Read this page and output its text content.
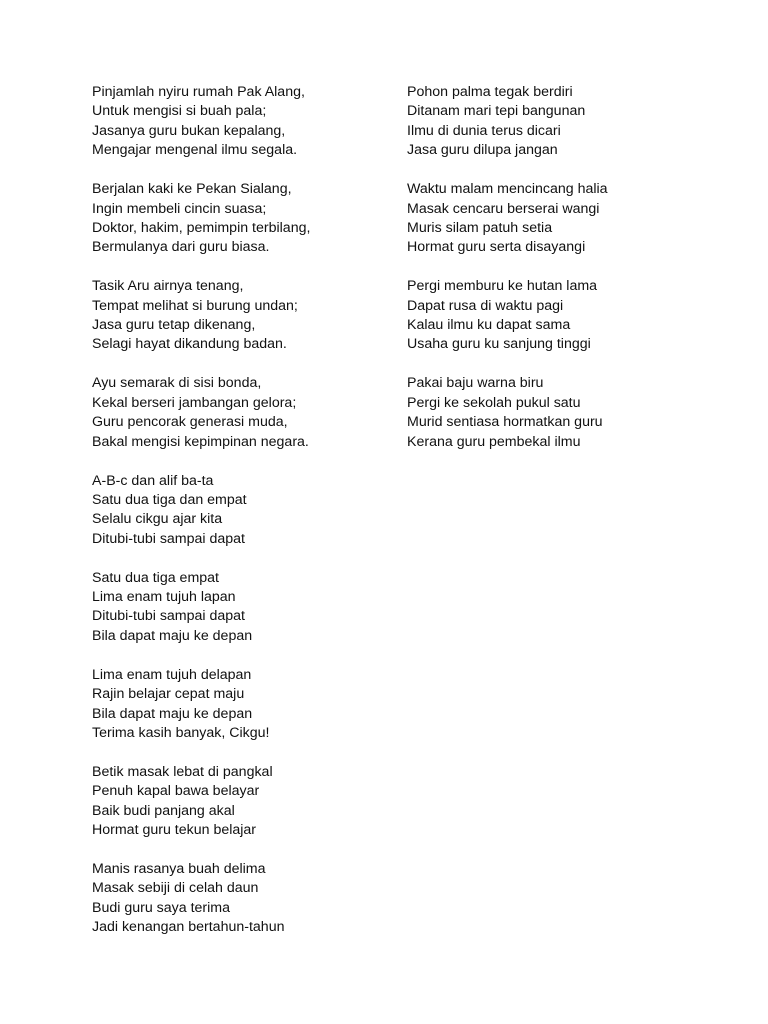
Pinjamlah nyiru rumah Pak Alang,
Untuk mengisi si buah pala;
Jasanya guru bukan kepalang,
Mengajar mengenal ilmu segala.
Berjalan kaki ke Pekan Sialang,
Ingin membeli cincin suasa;
Doktor, hakim, pemimpin terbilang,
Bermulanya dari guru biasa.
Tasik Aru airnya tenang,
Tempat melihat si burung undan;
Jasa guru tetap dikenang,
Selagi hayat dikandung badan.
Ayu semarak di sisi bonda,
Kekal berseri jambangan gelora;
Guru pencorak generasi muda,
Bakal mengisi kepimpinan negara.
A-B-c dan alif ba-ta
Satu dua tiga dan empat
Selalu cikgu ajar kita
Ditubi-tubi sampai dapat
Satu dua tiga empat
Lima enam tujuh lapan
Ditubi-tubi sampai dapat
Bila dapat maju ke depan
Lima enam tujuh delapan
Rajin belajar cepat maju
Bila dapat maju ke depan
Terima kasih banyak, Cikgu!
Betik masak lebat di pangkal
Penuh kapal bawa belayar
Baik budi panjang akal
Hormat guru tekun belajar
Manis rasanya buah delima
Masak sebiji di celah daun
Budi guru saya terima
Jadi kenangan bertahun-tahun
Pohon palma tegak berdiri
Ditanam mari tepi bangunan
Ilmu di dunia terus dicari
Jasa guru dilupa jangan
Waktu malam mencincang halia
Masak cencaru berserai wangi
Muris silam patuh setia
Hormat guru serta disayangi
Pergi memburu ke hutan lama
Dapat rusa di waktu pagi
Kalau ilmu ku dapat sama
Usaha guru ku sanjung tinggi
Pakai baju warna biru
Pergi ke sekolah pukul satu
Murid sentiasa hormatkan guru
Kerana guru pembekal ilmu
